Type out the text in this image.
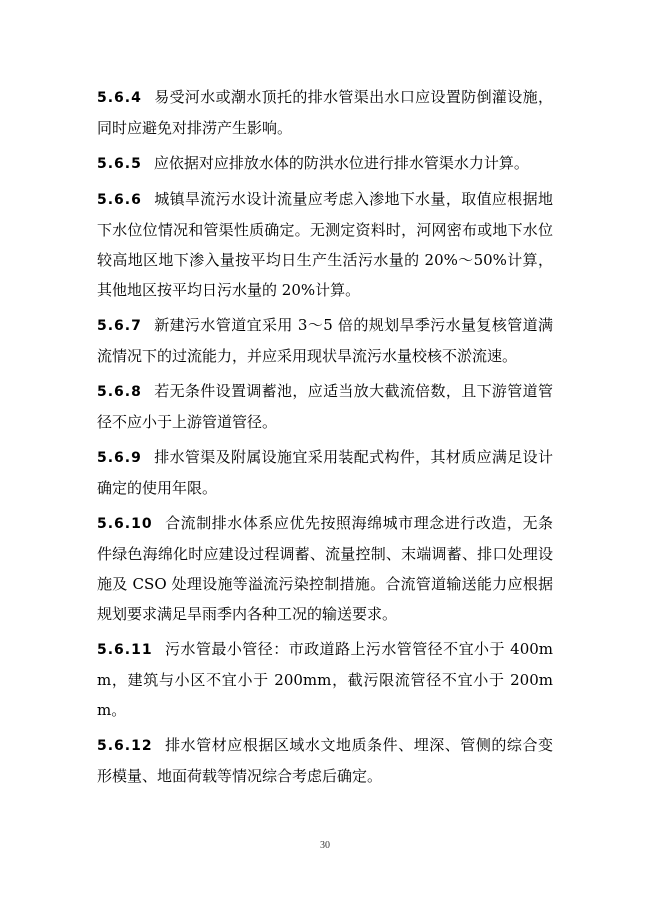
5.6.4 易受河水或潮水顶托的排水管渠出水口应设置防倒灌设施，同时应避免对排涝产生影响。

5.6.5 应依据对应排放水体的防洪水位进行排水管渠水力计算。

5.6.6 城镇旱流污水设计流量应考虑入渗地下水量，取值应根据地下水位位情况和管渠性质确定。无测定资料时，河网密布或地下水位较高地区地下渗入量按平均日生产生活污水量的 20%～50%计算，其他地区按平均日污水量的 20%计算。

5.6.7 新建污水管道宜采用 3～5 倍的规划旱季污水量复核管道满流情况下的过流能力，并应采用现状旱流污水量校核不淤流速。

5.6.8 若无条件设置调蓄池，应适当放大截流倍数，且下游管道管径不应小于上游管道管径。

5.6.9 排水管渠及附属设施宜采用装配式构件，其材质应满足设计确定的使用年限。

5.6.10 合流制排水体系应优先按照海绵城市理念进行改造，无条件绿色海绵化时应建设过程调蓄、流量控制、末端调蓄、排口处理设施及 CSO 处理设施等溢流污染控制措施。合流管道输送能力应根据规划要求满足旱雨季内各种工况的输送要求。

5.6.11 污水管最小管径：市政道路上污水管管径不宜小于 400mm，建筑与小区不宜小于 200mm，截污限流管径不宜小于 200mm。

5.6.12 排水管材应根据区域水文地质条件、埋深、管侧的综合变形模量、地面荷载等情况综合考虑后确定。

30
